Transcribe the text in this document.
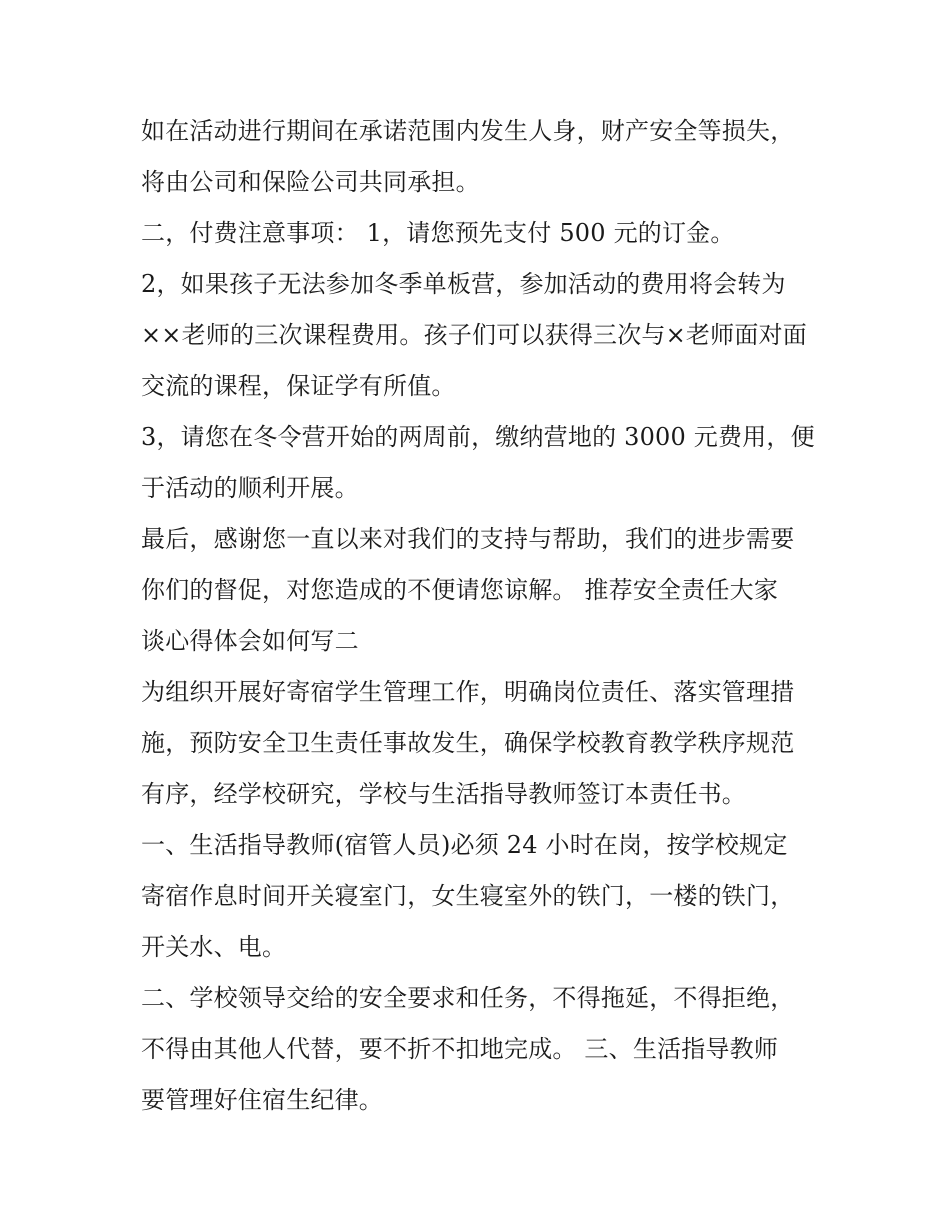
如在活动进行期间在承诺范围内发生人身，财产安全等损失，
将由公司和保险公司共同承担。
二，付费注意事项： 1，请您预先支付 500 元的订金。
2，如果孩子无法参加冬季单板营，参加活动的费用将会转为
××老师的三次课程费用。孩子们可以获得三次与×老师面对面
交流的课程，保证学有所值。
3，请您在冬令营开始的两周前，缴纳营地的 3000 元费用，便
于活动的顺利开展。
最后，感谢您一直以来对我们的支持与帮助，我们的进步需要
你们的督促，对您造成的不便请您谅解。 推荐安全责任大家
谈心得体会如何写二
为组织开展好寄宿学生管理工作，明确岗位责任、落实管理措
施，预防安全卫生责任事故发生，确保学校教育教学秩序规范
有序，经学校研究，学校与生活指导教师签订本责任书。
一、生活指导教师(宿管人员)必须 24 小时在岗，按学校规定
寄宿作息时间开关寝室门，女生寝室外的铁门，一楼的铁门，
开关水、电。
二、学校领导交给的安全要求和任务，不得拖延，不得拒绝，
不得由其他人代替，要不折不扣地完成。 三、生活指导教师
要管理好住宿生纪律。
